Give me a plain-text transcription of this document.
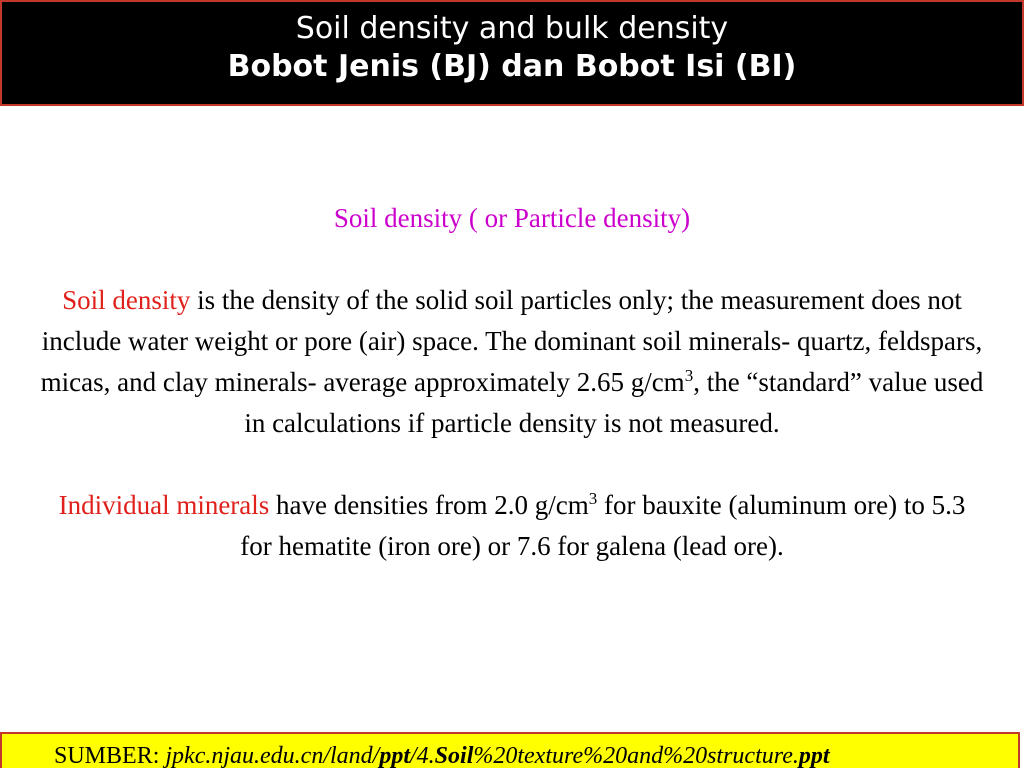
Soil density and bulk density
Bobot Jenis (BJ) dan Bobot Isi (BI)

Soil density ( or Particle density)

Soil density is the density of the solid soil particles only; the measurement does not include water weight or pore (air) space. The dominant soil minerals- quartz, feldspars, micas, and clay minerals- average approximately 2.65 $g/cm^3$, the “standard” value used in calculations if particle density is not measured.

Individual minerals have densities from 2.0 $g/cm^3$ for bauxite (aluminum ore) to 5.3 for hematite (iron ore) or 7.6 for galena (lead ore).

SUMBER: jpkc.njau.edu.cn/land/ppt/4.Soil%20texture%20and%20structure.ppt
